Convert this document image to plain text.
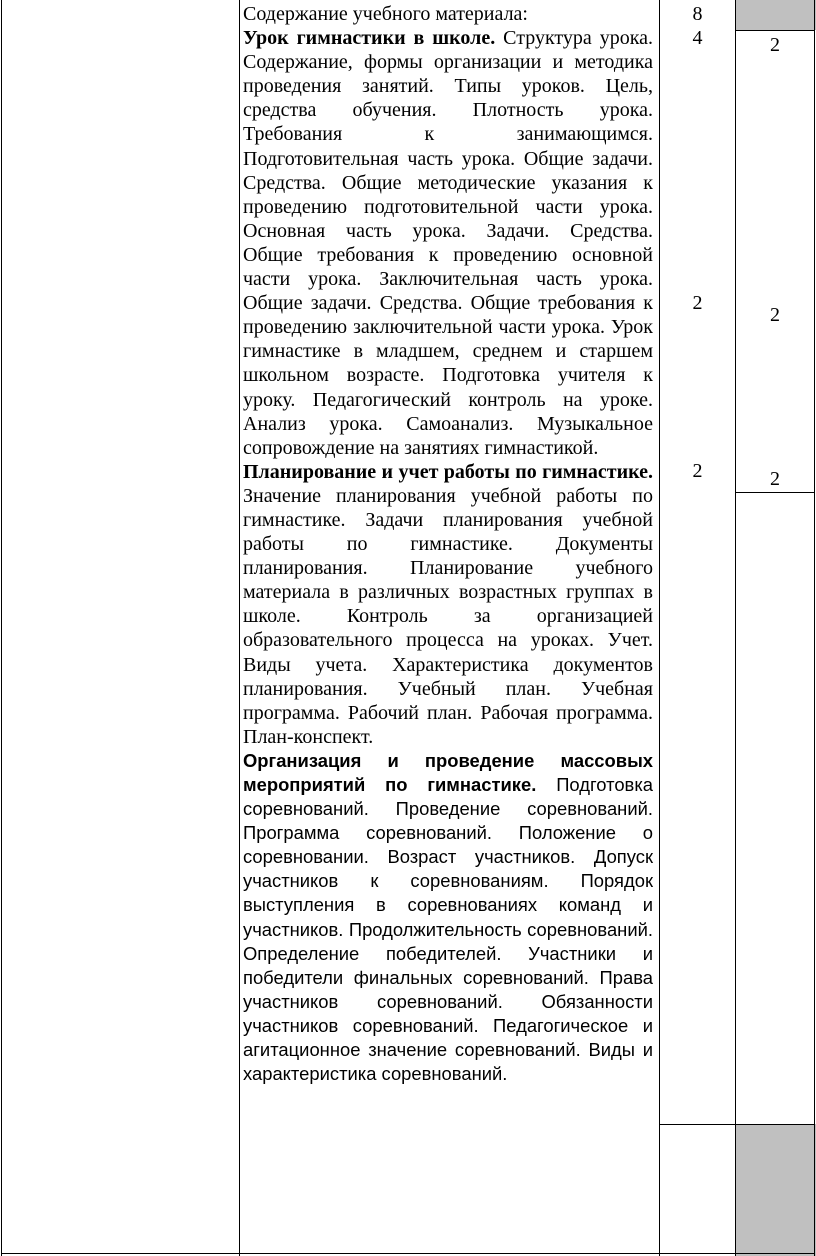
Содержание учебного материала:

Урок гимнастики в школе. Структура урока. Содержание, формы организации и методика проведения занятий. Типы уроков. Цель, средства обучения. Плотность урока. Требования к занимающимся. Подготовительная часть урока. Общие задачи. Средства. Общие методические указания к проведению подготовительной части урока. Основная часть урока. Задачи. Средства. Общие требования к проведению основной части урока. Заключительная часть урока. Общие задачи. Средства. Общие требования к проведению заключительной части урока. Урок гимнастике в младшем, среднем и старшем школьном возрасте. Подготовка учителя к уроку. Педагогический контроль на уроке. Анализ урока. Самоанализ. Музыкальное сопровождение на занятиях гимнастикой.

Планирование и учет работы по гимнастике. Значение планирования учебной работы по гимнастике. Задачи планирования учебной работы по гимнастике. Документы планирования. Планирование учебного материала в различных возрастных группах в школе. Контроль за организацией образовательного процесса на уроках. Учет. Виды учета. Характеристика документов планирования. Учебный план. Учебная программа. Рабочий план. Рабочая программа. План-конспект.

Организация и проведение массовых мероприятий по гимнастике. Подготовка соревнований. Проведение соревнований. Программа соревнований. Положение о соревновании. Возраст участников. Допуск участников к соревнованиям. Порядок выступления в соревнованиях команд и участников. Продолжительность соревнований. Определение победителей. Участники и победители финальных соревнований. Права участников соревнований. Обязанности участников соревнований. Педагогическое и агитационное значение соревнований. Виды и характеристика соревнований.

8
4
2
2
2
2
2
